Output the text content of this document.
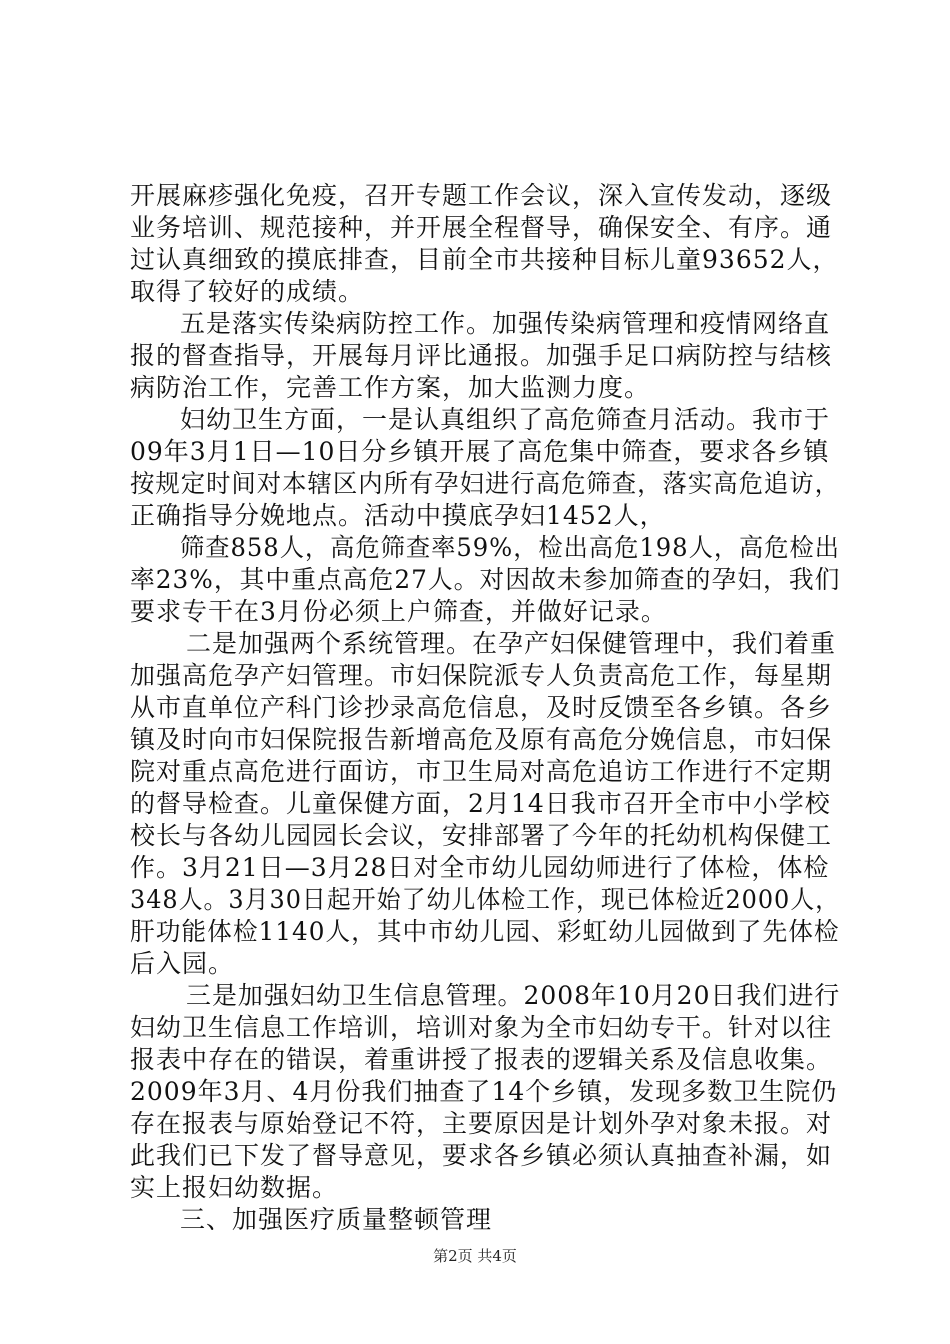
开展麻疹强化免疫，召开专题工作会议，深入宣传发动，逐级
业务培训、规范接种，并开展全程督导，确保安全、有序。通
过认真细致的摸底排查，目前全市共接种目标儿童93652人，
取得了较好的成绩。
五是落实传染病防控工作。加强传染病管理和疫情网络直
报的督查指导，开展每月评比通报。加强手足口病防控与结核
病防治工作，完善工作方案，加大监测力度。
妇幼卫生方面，一是认真组织了高危筛查月活动。我市于
09年3月1日—10日分乡镇开展了高危集中筛查，要求各乡镇
按规定时间对本辖区内所有孕妇进行高危筛查，落实高危追访，
正确指导分娩地点。活动中摸底孕妇1452人，
筛查858人，高危筛查率59%，检出高危198人，高危检出
率23%，其中重点高危27人。对因故未参加筛查的孕妇，我们
要求专干在3月份必须上户筛查，并做好记录。
二是加强两个系统管理。在孕产妇保健管理中，我们着重
加强高危孕产妇管理。市妇保院派专人负责高危工作，每星期
从市直单位产科门诊抄录高危信息，及时反馈至各乡镇。各乡
镇及时向市妇保院报告新增高危及原有高危分娩信息，市妇保
院对重点高危进行面访，市卫生局对高危追访工作进行不定期
的督导检查。儿童保健方面，2月14日我市召开全市中小学校
校长与各幼儿园园长会议，安排部署了今年的托幼机构保健工
作。3月21日—3月28日对全市幼儿园幼师进行了体检，体检
348人。3月30日起开始了幼儿体检工作，现已体检近2000人，
肝功能体检1140人，其中市幼儿园、彩虹幼儿园做到了先体检
后入园。
三是加强妇幼卫生信息管理。2008年10月20日我们进行
妇幼卫生信息工作培训，培训对象为全市妇幼专干。针对以往
报表中存在的错误，着重讲授了报表的逻辑关系及信息收集。
2009年3月、4月份我们抽查了14个乡镇，发现多数卫生院仍
存在报表与原始登记不符，主要原因是计划外孕对象未报。对
此我们已下发了督导意见，要求各乡镇必须认真抽查补漏，如
实上报妇幼数据。
三、加强医疗质量整顿管理
第2页 共4页
